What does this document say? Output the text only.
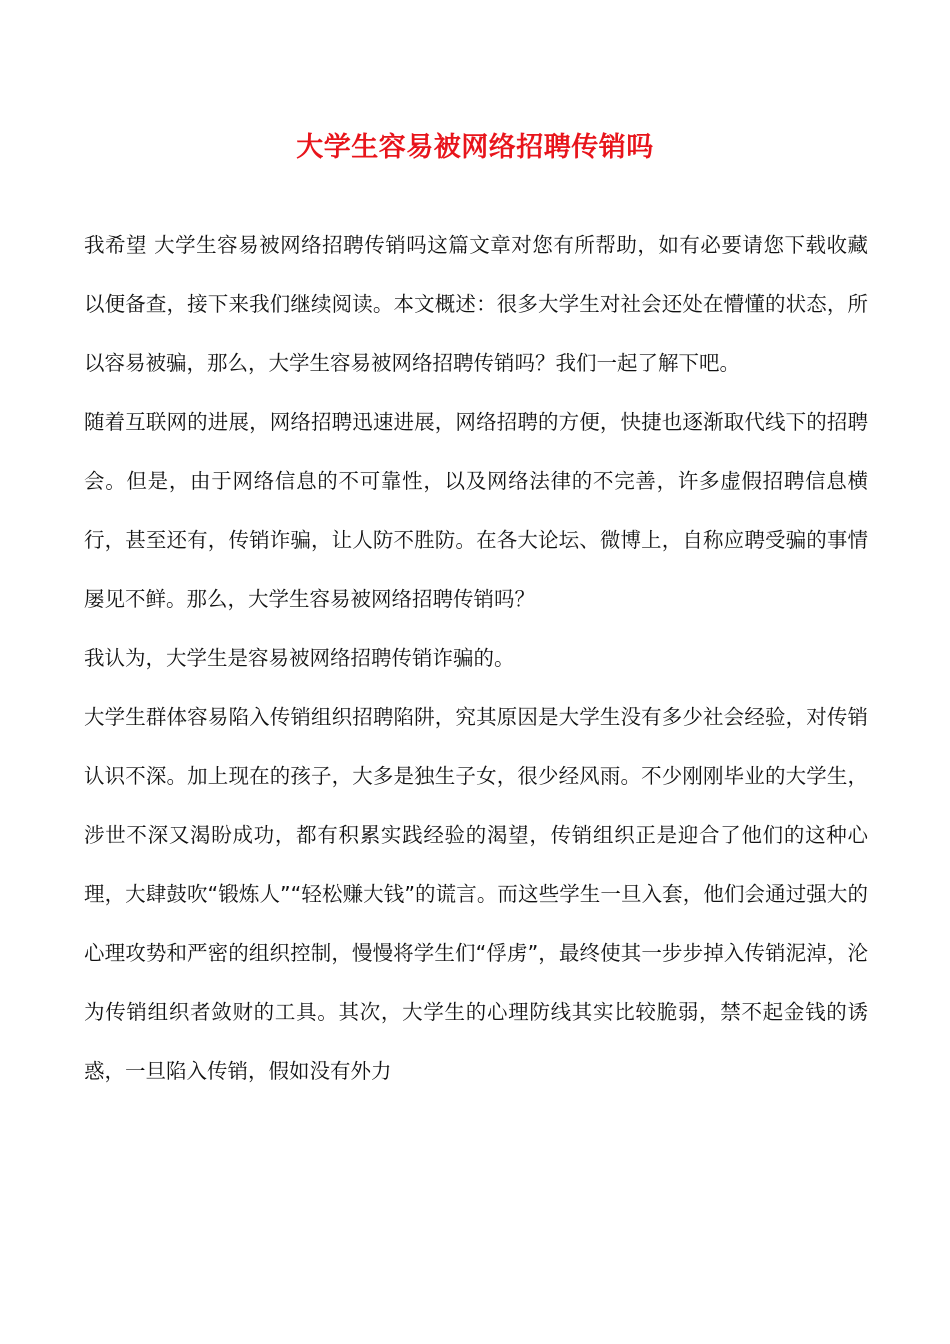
大学生容易被网络招聘传销吗

我希望 大学生容易被网络招聘传销吗这篇文章对您有所帮助，如有必要请您下载收藏以便备查，接下来我们继续阅读。本文概述：很多大学生对社会还处在懵懂的状态，所以容易被骗，那么，大学生容易被网络招聘传销吗？我们一起了解下吧。

随着互联网的进展，网络招聘迅速进展，网络招聘的方便，快捷也逐渐取代线下的招聘会。但是，由于网络信息的不可靠性，以及网络法律的不完善，许多虚假招聘信息横行，甚至还有，传销诈骗，让人防不胜防。在各大论坛、微博上，自称应聘受骗的事情屡见不鲜。那么，大学生容易被网络招聘传销吗？

我认为，大学生是容易被网络招聘传销诈骗的。

大学生群体容易陷入传销组织招聘陷阱，究其原因是大学生没有多少社会经验，对传销认识不深。加上现在的孩子，大多是独生子女，很少经风雨。不少刚刚毕业的大学生，涉世不深又渴盼成功，都有积累实践经验的渴望，传销组织正是迎合了他们的这种心理，大肆鼓吹“锻炼人”“轻松赚大钱”的谎言。而这些学生一旦入套，他们会通过强大的心理攻势和严密的组织控制，慢慢将学生们“俘虏”，最终使其一步步掉入传销泥淖，沦为传销组织者敛财的工具。其次，大学生的心理防线其实比较脆弱，禁不起金钱的诱惑，一旦陷入传销，假如没有外力
